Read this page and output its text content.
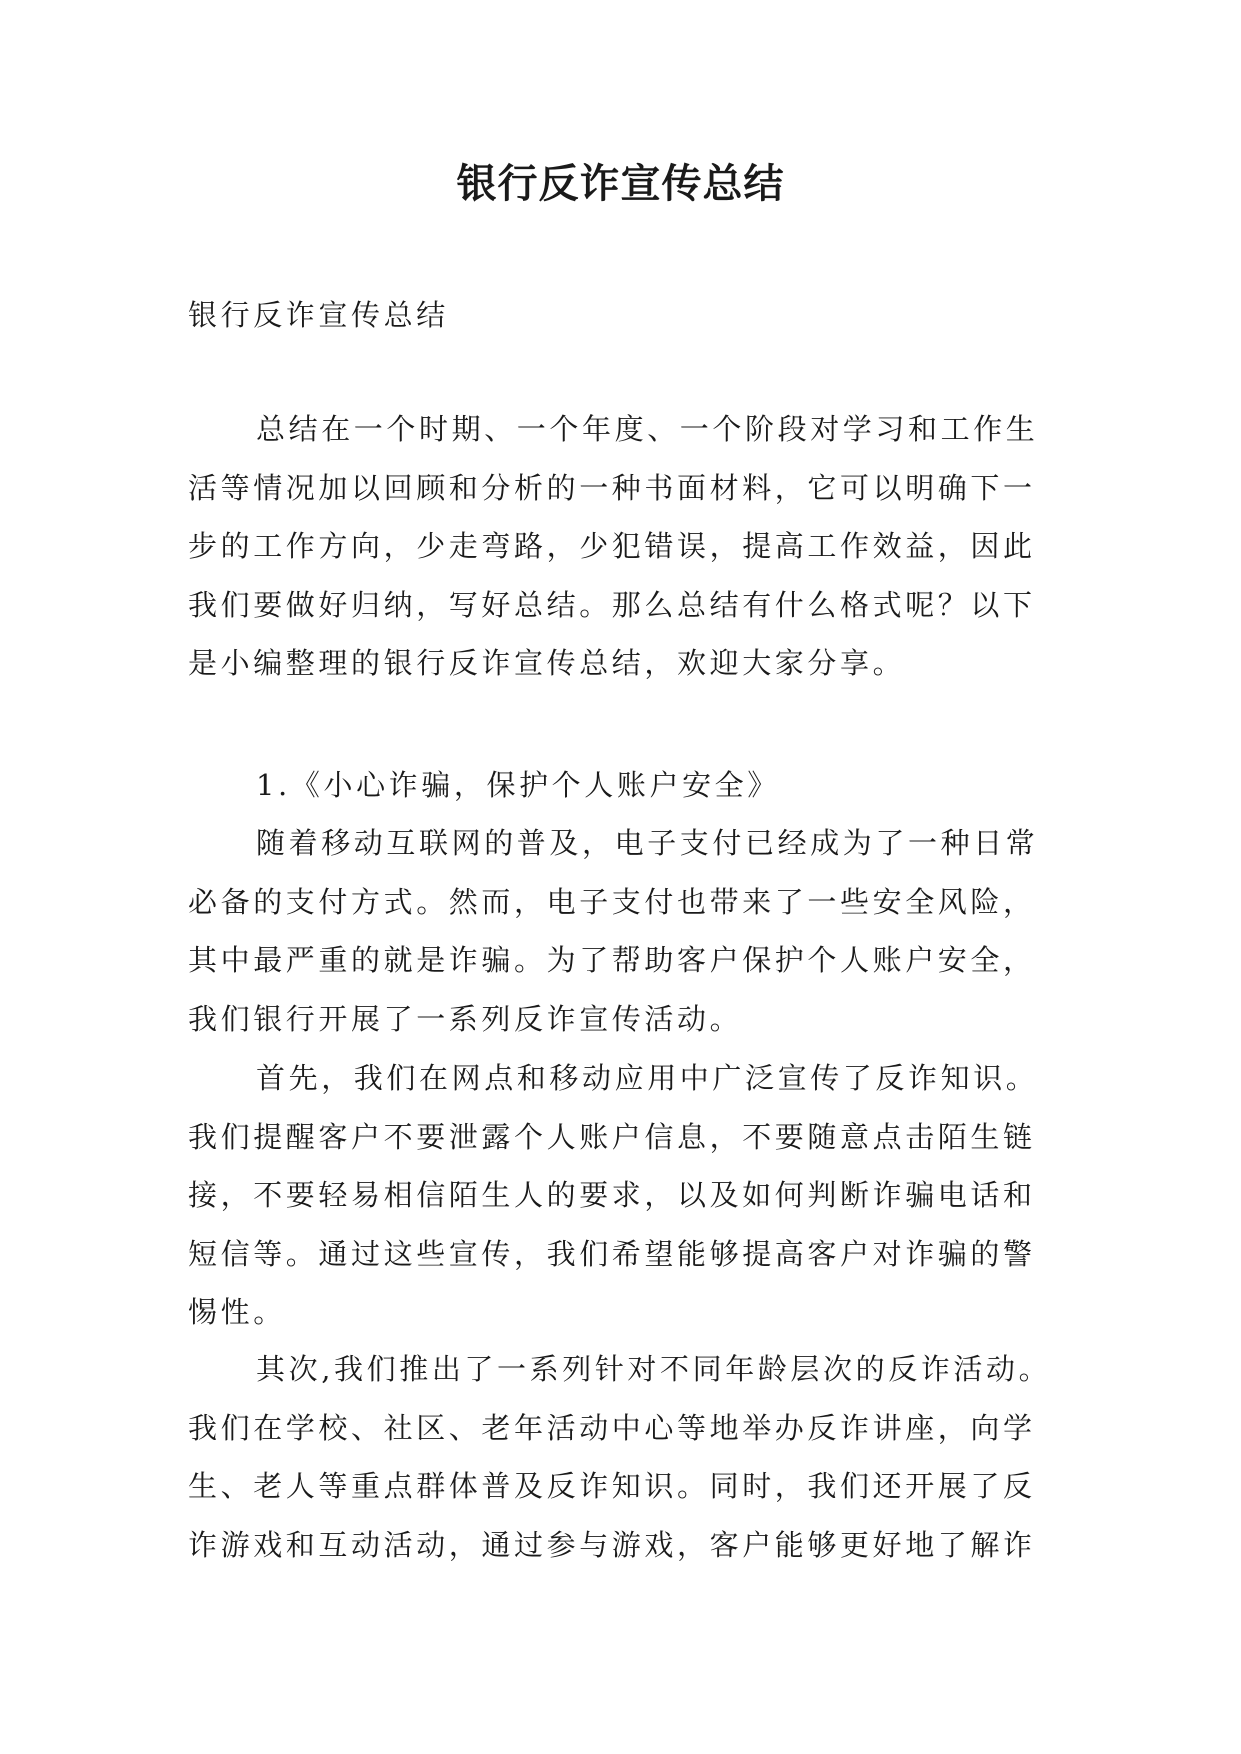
银行反诈宣传总结

银行反诈宣传总结

总结在一个时期、一个年度、一个阶段对学习和工作生活等情况加以回顾和分析的一种书面材料，它可以明确下一步的工作方向，少走弯路，少犯错误，提高工作效益，因此我们要做好归纳，写好总结。那么总结有什么格式呢？以下是小编整理的银行反诈宣传总结，欢迎大家分享。

1.《小心诈骗，保护个人账户安全》

随着移动互联网的普及，电子支付已经成为了一种日常必备的支付方式。然而，电子支付也带来了一些安全风险，其中最严重的就是诈骗。为了帮助客户保护个人账户安全，我们银行开展了一系列反诈宣传活动。

首先，我们在网点和移动应用中广泛宣传了反诈知识。我们提醒客户不要泄露个人账户信息，不要随意点击陌生链接，不要轻易相信陌生人的要求，以及如何判断诈骗电话和短信等。通过这些宣传，我们希望能够提高客户对诈骗的警惕性。

其次,我们推出了一系列针对不同年龄层次的反诈活动。我们在学校、社区、老年活动中心等地举办反诈讲座，向学生、老人等重点群体普及反诈知识。同时，我们还开展了反诈游戏和互动活动，通过参与游戏，客户能够更好地了解诈
